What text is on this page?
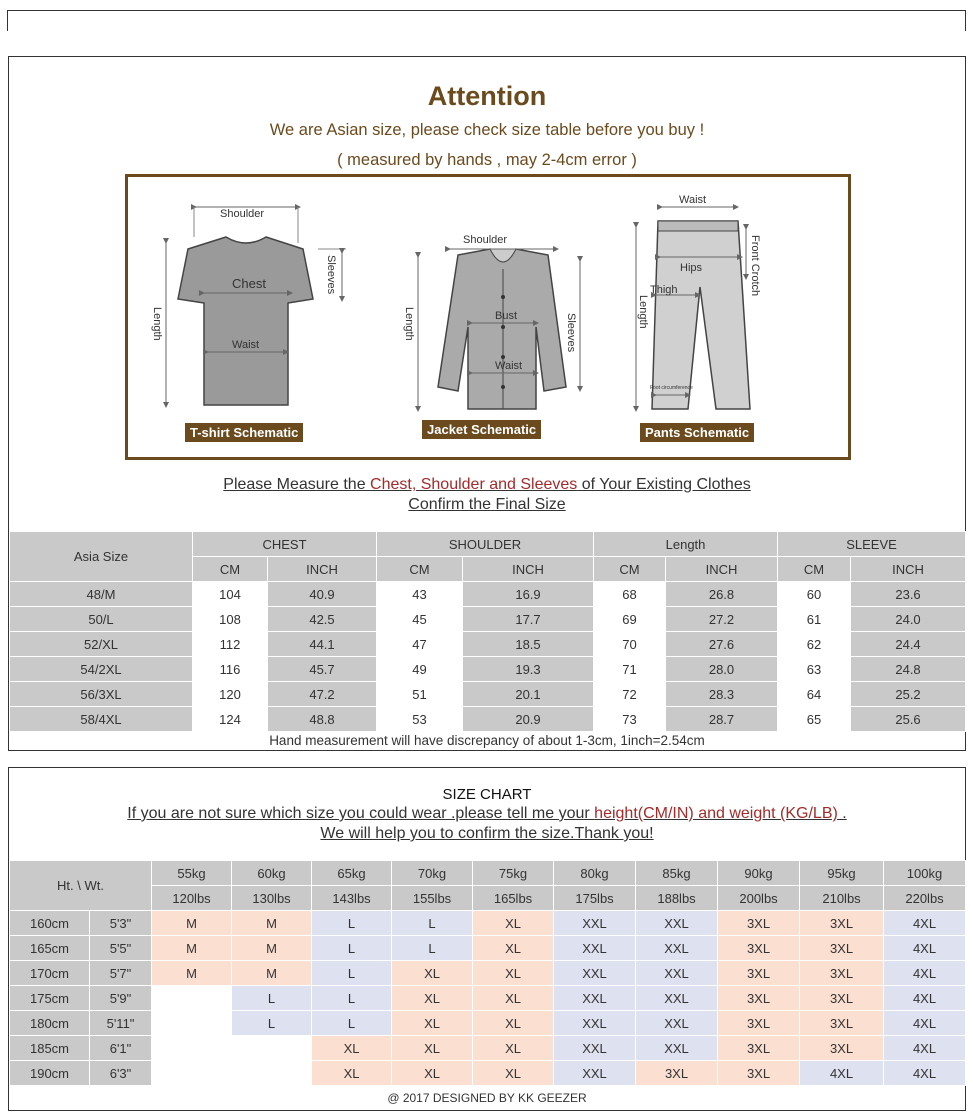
Attention
We are Asian size, please check size table before you buy !
( measured by hands , may 2-4cm error )
Shoulder
Chest
Waist
Length
Sleeves
Shoulder
Bust
Waist
Length	Sleeves
Waist
Hips
Thigh
Length
Front Crotch
Foot circumference
T-shirt Schematic	Jacket Schematic	Pants Schematic
Please Measure the Chest, Shoulder and Sleeves of Your Existing Clothes
Confirm the Final Size
Asia Size	CHEST		SHOULDER		Length		SLEEVE	
	CM	INCH	CM	INCH	CM	INCH	CM	INCH
48/M	104	40.9	43	16.9	68	26.8	60	23.6
50/L	108	42.5	45	17.7	69	27.2	61	24.0
52/XL	112	44.1	47	18.5	70	27.6	62	24.4
54/2XL	116	45.7	49	19.3	71	28.0	63	24.8
56/3XL	120	47.2	51	20.1	72	28.3	64	25.2
58/4XL	124	48.8	53	20.9	73	28.7	65	25.6
Hand measurement will have discrepancy of about 1-3cm, 1inch=2.54cm
SIZE CHART
If you are not sure which size you could wear .please tell me your height(CM/IN) and weight (KG/LB) .
We will help you to confirm the size.Thank you!
Ht. \ Wt.		55kg	60kg	65kg	70kg	75kg	80kg	85kg	90kg	95kg	100kg
		120lbs	130lbs	143lbs	155lbs	165lbs	175lbs	188lbs	200lbs	210lbs	220lbs
160cm	5'3"	M	M	L	L	XL	XXL	XXL	3XL	3XL	4XL
165cm	5'5"	M	M	L	L	XL	XXL	XXL	3XL	3XL	4XL
170cm	5'7"	M	M	L	XL	XL	XXL	XXL	3XL	3XL	4XL
175cm	5'9"		L	L	XL	XL	XXL	XXL	3XL	3XL	4XL
180cm	5'11"		L	L	XL	XL	XXL	XXL	3XL	3XL	4XL
185cm	6'1"			XL	XL	XL	XXL	XXL	3XL	3XL	4XL
190cm	6'3"			XL	XL	XL	XXL	3XL	3XL	4XL	4XL
@ 2017 DESIGNED BY KK GEEZER
